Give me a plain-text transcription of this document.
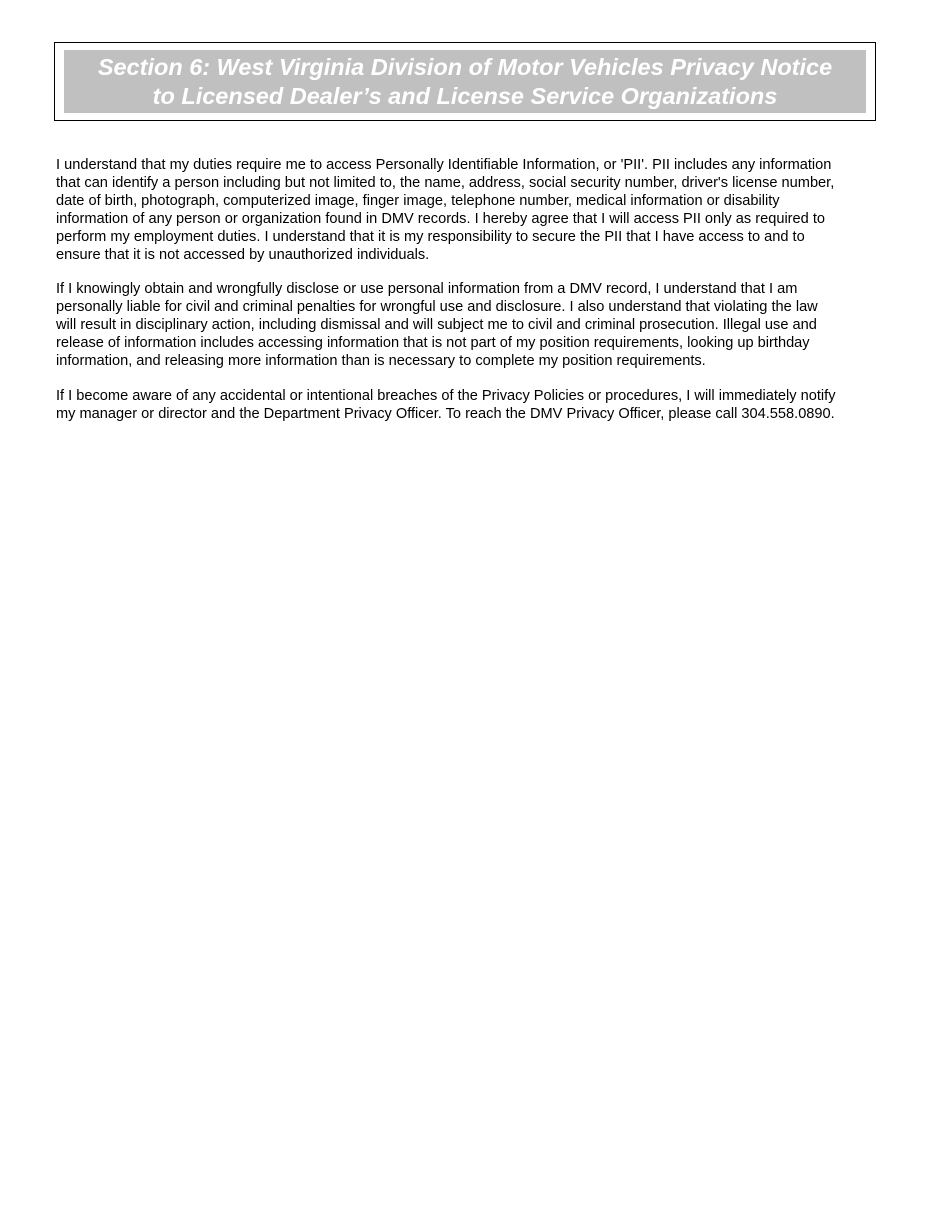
Section 6: West Virginia Division of Motor Vehicles Privacy Notice
to Licensed Dealer’s and License Service Organizations
I understand that my duties require me to access Personally Identifiable Information, or 'PII'. PII includes any information
that can identify a person including but not limited to, the name, address, social security number, driver's license number,
date of birth, photograph, computerized image, finger image, telephone number, medical information or disability
information of any person or organization found in DMV records. I hereby agree that I will access PII only as required to
perform my employment duties. I understand that it is my responsibility to secure the PII that I have access to and to
ensure that it is not accessed by unauthorized individuals.
If I knowingly obtain and wrongfully disclose or use personal information from a DMV record, I understand that I am
personally liable for civil and criminal penalties for wrongful use and disclosure. I also understand that violating the law
will result in disciplinary action, including dismissal and will subject me to civil and criminal prosecution. Illegal use and
release of information includes accessing information that is not part of my position requirements, looking up birthday
information, and releasing more information than is necessary to complete my position requirements.
If I become aware of any accidental or intentional breaches of the Privacy Policies or procedures, I will immediately notify
my manager or director and the Department Privacy Officer. To reach the DMV Privacy Officer, please call 304.558.0890.
